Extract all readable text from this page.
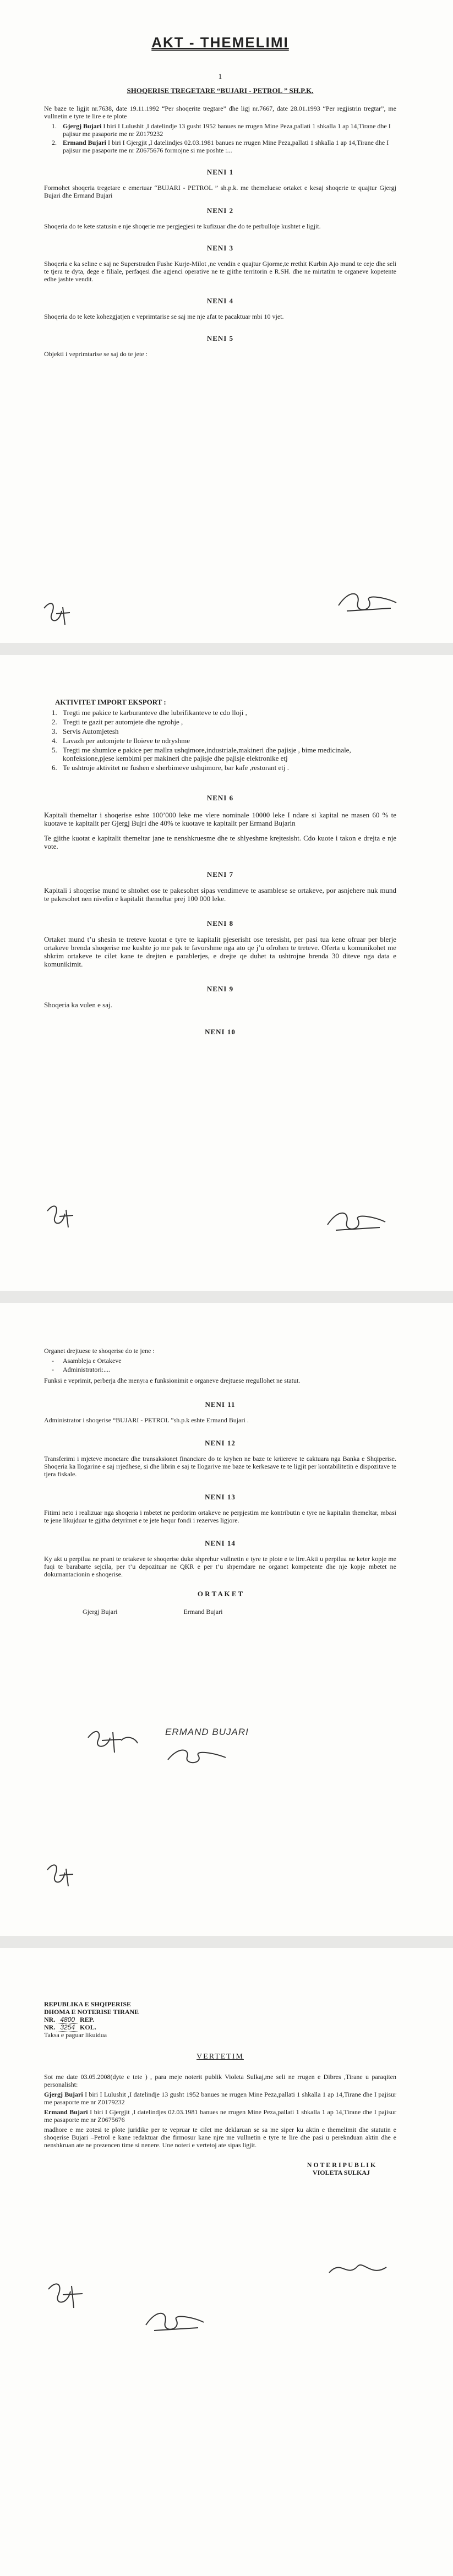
AKT - THEMELIMI
1
SHOQERISE TREGETARE “BUJARI - PETROL ” SH.P.K.

Ne baze te ligjit nr.7638, date 19.11.1992 “Per shoqerite tregtare” dhe ligj nr.7667, date 28.01.1993 “Per regjistrin tregtar”, me vullnetin e tyre te lire e te plote

1. Gjergj Bujari I biri I Lulushit ,I datelindje 13 gusht 1952 banues ne rrugen Mine Peza,pallati 1 shkalla 1 ap 14,Tirane dhe I pajisur me pasaporte me nr Z0179232
2. Ermand Bujari I biri I Gjergjit ,I datelindjes 02.03.1981 banues ne rrugen Mine Peza,pallati 1 shkalla 1 ap 14,Tirane dhe I pajisur me pasaporte me nr Z0675676 formojne si me poshte :...
NENI 1

Formohet shoqeria tregetare e emertuar “BUJARI - PETROL ” sh.p.k. me themeluese ortaket e kesaj shoqerie te quajtur Gjergj Bujari dhe Ermand Bujari

NENI 2

Shoqeria do te kete statusin e nje shoqerie me pergjegjesi te kufizuar dhe do te perbulloje kushtet e ligjit.

NENI 3

Shoqeria e ka seline e saj ne Superstraden Fushe Kurje-Milot ,ne vendin e quajtur Gjorme,te rrethit Kurbin Ajo mund te ceje dhe seli te tjera te dyta, dege e filiale, perfaqesi dhe agjenci operative ne te gjithe territorin e R.SH. dhe ne mirtatim te organeve kopetente edhe jashte vendit.

NENI 4

Shoqeria do te kete kohezgjatjen e veprimtarise se saj me nje afat te pacaktuar mbi 10 vjet.

NENI 5

Objekti i veprimtarise se saj do te jete :

AKTIVITET IMPORT EKSPORT :
1. Tregti me pakice te karburanteve dhe lubrifikanteve te cdo lloji ,
2. Tregti te gazit per automjete dhe ngrohje ,
3. Servis Automjetesh
4. Lavazh per automjete te lloieve te ndryshme
5. Tregti me shumice e pakice per mallra ushqimore,industriale,makineri dhe pajisje , bime medicinale, konfeksione,pjese kembimi per makineri dhe pajisje dhe pajisje elektronike etj
6. Te ushtroje aktivitet ne fushen e sherbimeve ushqimore, bar kafe ,restorant etj .
NENI 6

Kapitali themeltar i shoqerise eshte 100’000 leke me vlere nominale 10000 leke I ndare si kapital ne masen 60 % te kuotave te kapitalit per Gjergj Bujri dhe 40% te kuotave te kapitalit per Ermand Bujarin

Te gjithe kuotat e kapitalit themeltar jane te nenshkruesme dhe te shlyeshme krejtesisht. Cdo kuote i takon e drejta e nje vote.

NENI 7

Kapitali i shoqerise mund te shtohet ose te pakesohet sipas vendimeve te asamblese se ortakeve, por asnjehere nuk mund te pakesohet nen nivelin e kapitalit themeltar prej 100 000 leke.

NENI 8

Ortaket mund t’u shesin te treteve kuotat e tyre te kapitalit pjeserisht ose teresisht, per pasi tua kene ofruar per blerje ortakeve brenda shoqerise me kushte jo me pak te favorshme nga ato qe j’u ofrohen te treteve. Oferta u komunikohet me shkrim ortakeve te cilet kane te drejten e parablerjes, e drejte qe duhet ta ushtrojne brenda 30 diteve nga data e komunikimit.

NENI 9

Shoqeria ka vulen e saj.

NENI 10

Organet drejtuese te shoqerise do te jene :

-	Asambleja e Ortakeve
-	Administratori:....

Funksi e veprimit, perberja dhe menyra e funksionimit e organeve drejtuese rregullohet ne statut.

NENI 11

Administrator i shoqerise “BUJARI - PETROL ”sh.p.k eshte Ermand Bujari .

NENI 12

Transferimi i mjeteve monetare dhe transaksionet financiare do te kryhen ne baze te kriiereve te caktuara nga Banka e Shqiperise. Shoqeria ka llogarine e saj rrjedhese, si dhe librin e saj te llogarive me baze te kerkesave te te ligjit per kontabilitetin e dispozitave te tjera fiskale.

NENI 13

Fitimi neto i realizuar nga shoqeria i mbetet ne perdorim ortakeve ne perpjestim me kontributin e tyre ne kapitalin themeltar, mbasi te jene likujduar te gjitha detyrimet e te jete hequr fondi i rezerves ligjore.

NENI 14

Ky akt u perpilua ne prani te ortakeve te shoqerise duke shprehur vullnetin e tyre te plote e te lire.Akti u perpilua ne keter kopje me fuqi te barabarte sejcila, per t’u depozituar ne QKR e per t’u shperndare ne organet kompetente dhe nje kopje mbetet ne dokumantacionin e shoqerise.

O R T A K E T
Gjergj Bujari	Ermand Bujari
ERMAND BUJARI
REPUBLIKA E SHQIPERISE
DHOMA E NOTERISE TIRANE
NR. 4800 REP.
NR. 3254 KOL.
Taksa e paguar likuidua
VERTETIM

Sot me date 03.05.2008(dyte e tete ) , para meje noterit publik Violeta Sulkaj,me seli ne rrugen e Dibres ,Tirane u paraqiten personalisht:

Gjergj Bujari I biri I Lulushit ,I datelindje 13 gusht 1952 banues ne rrugen Mine Peza,pallati 1 shkalla 1 ap 14,Tirane dhe I pajisur me pasaporte me nr Z0179232

Ermand Bujari I biri I Gjergjit ,I datelindjes 02.03.1981 banues ne rrugen Mine Peza,pallati 1 shkalla 1 ap 14,Tirane dhe I pajisur me pasaporte me nr Z0675676

madhore e me zotesi te plote juridike per te vepruar te cilet me deklaruan se sa me siper ku aktin e themelimit dhe statutin e shoqerise Bujari –Petrol e kane redaktuar dhe firmosur kane njre me vullnetin e tyre te lire dhe pasi u pereknduan aktin dhe e nenshkruan ate ne prezencen time si nenere. Une noteri e vertetoj ate sipas ligjit.

N O T E R I P U B L I K
VIOLETA SULKAJ
